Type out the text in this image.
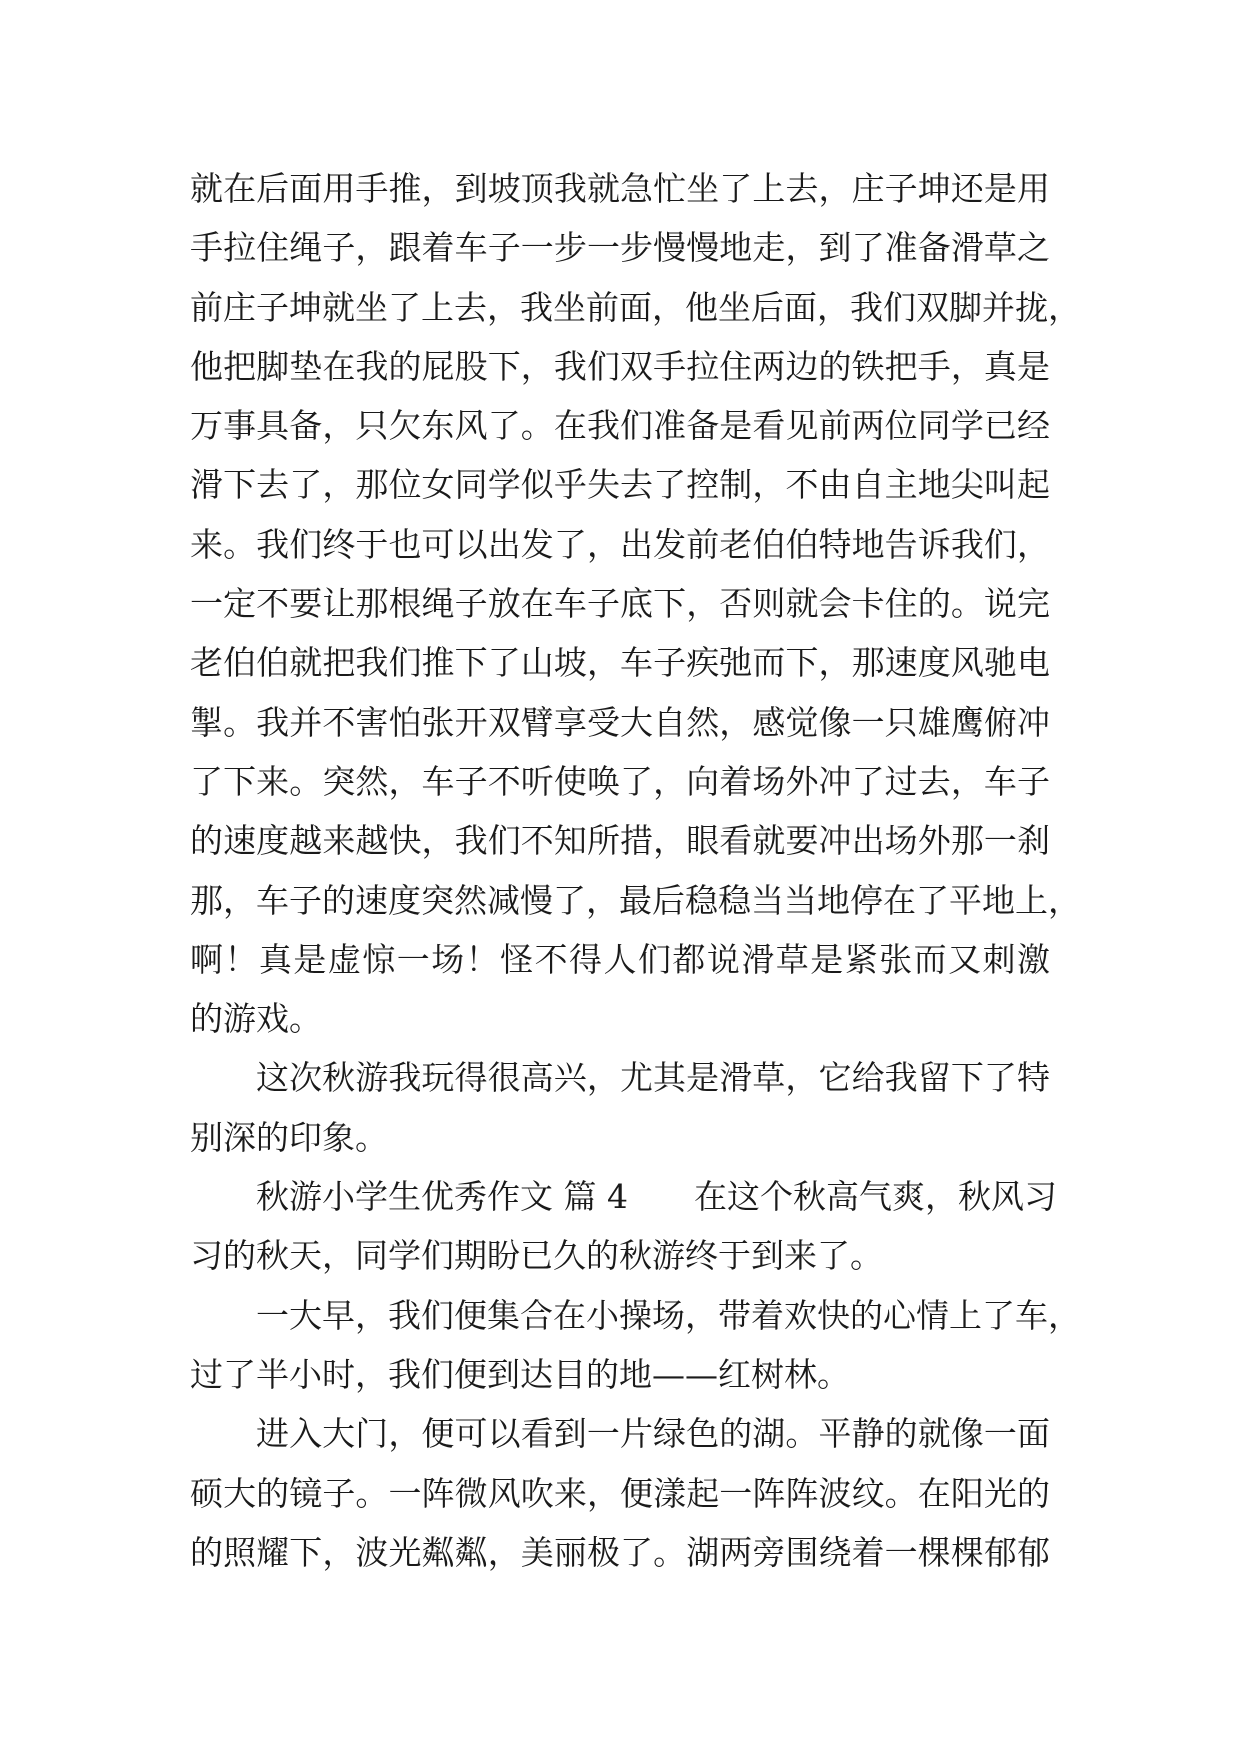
就在后面用手推，到坡顶我就急忙坐了上去，庄子坤还是用
手拉住绳子，跟着车子一步一步慢慢地走，到了准备滑草之
前庄子坤就坐了上去，我坐前面，他坐后面，我们双脚并拢，
他把脚垫在我的屁股下，我们双手拉住两边的铁把手，真是
万事具备，只欠东风了。在我们准备是看见前两位同学已经
滑下去了，那位女同学似乎失去了控制，不由自主地尖叫起
来。我们终于也可以出发了，出发前老伯伯特地告诉我们，
一定不要让那根绳子放在车子底下，否则就会卡住的。说完
老伯伯就把我们推下了山坡，车子疾弛而下，那速度风驰电
掣。我并不害怕张开双臂享受大自然，感觉像一只雄鹰俯冲
了下来。突然，车子不听使唤了，向着场外冲了过去，车子
的速度越来越快，我们不知所措，眼看就要冲出场外那一刹
那，车子的速度突然减慢了，最后稳稳当当地停在了平地上，
啊！真是虚惊一场！怪不得人们都说滑草是紧张而又刺激
的游戏。
这次秋游我玩得很高兴，尤其是滑草，它给我留下了特
别深的印象。
秋游小学生优秀作文 篇 4 在这个秋高气爽，秋风习
习的秋天，同学们期盼已久的秋游终于到来了。
一大早，我们便集合在小操场，带着欢快的心情上了车，
过了半小时，我们便到达目的地——红树林。
进入大门，便可以看到一片绿色的湖。平静的就像一面
硕大的镜子。一阵微风吹来，便漾起一阵阵波纹。在阳光的
的照耀下，波光粼粼，美丽极了。湖两旁围绕着一棵棵郁郁
